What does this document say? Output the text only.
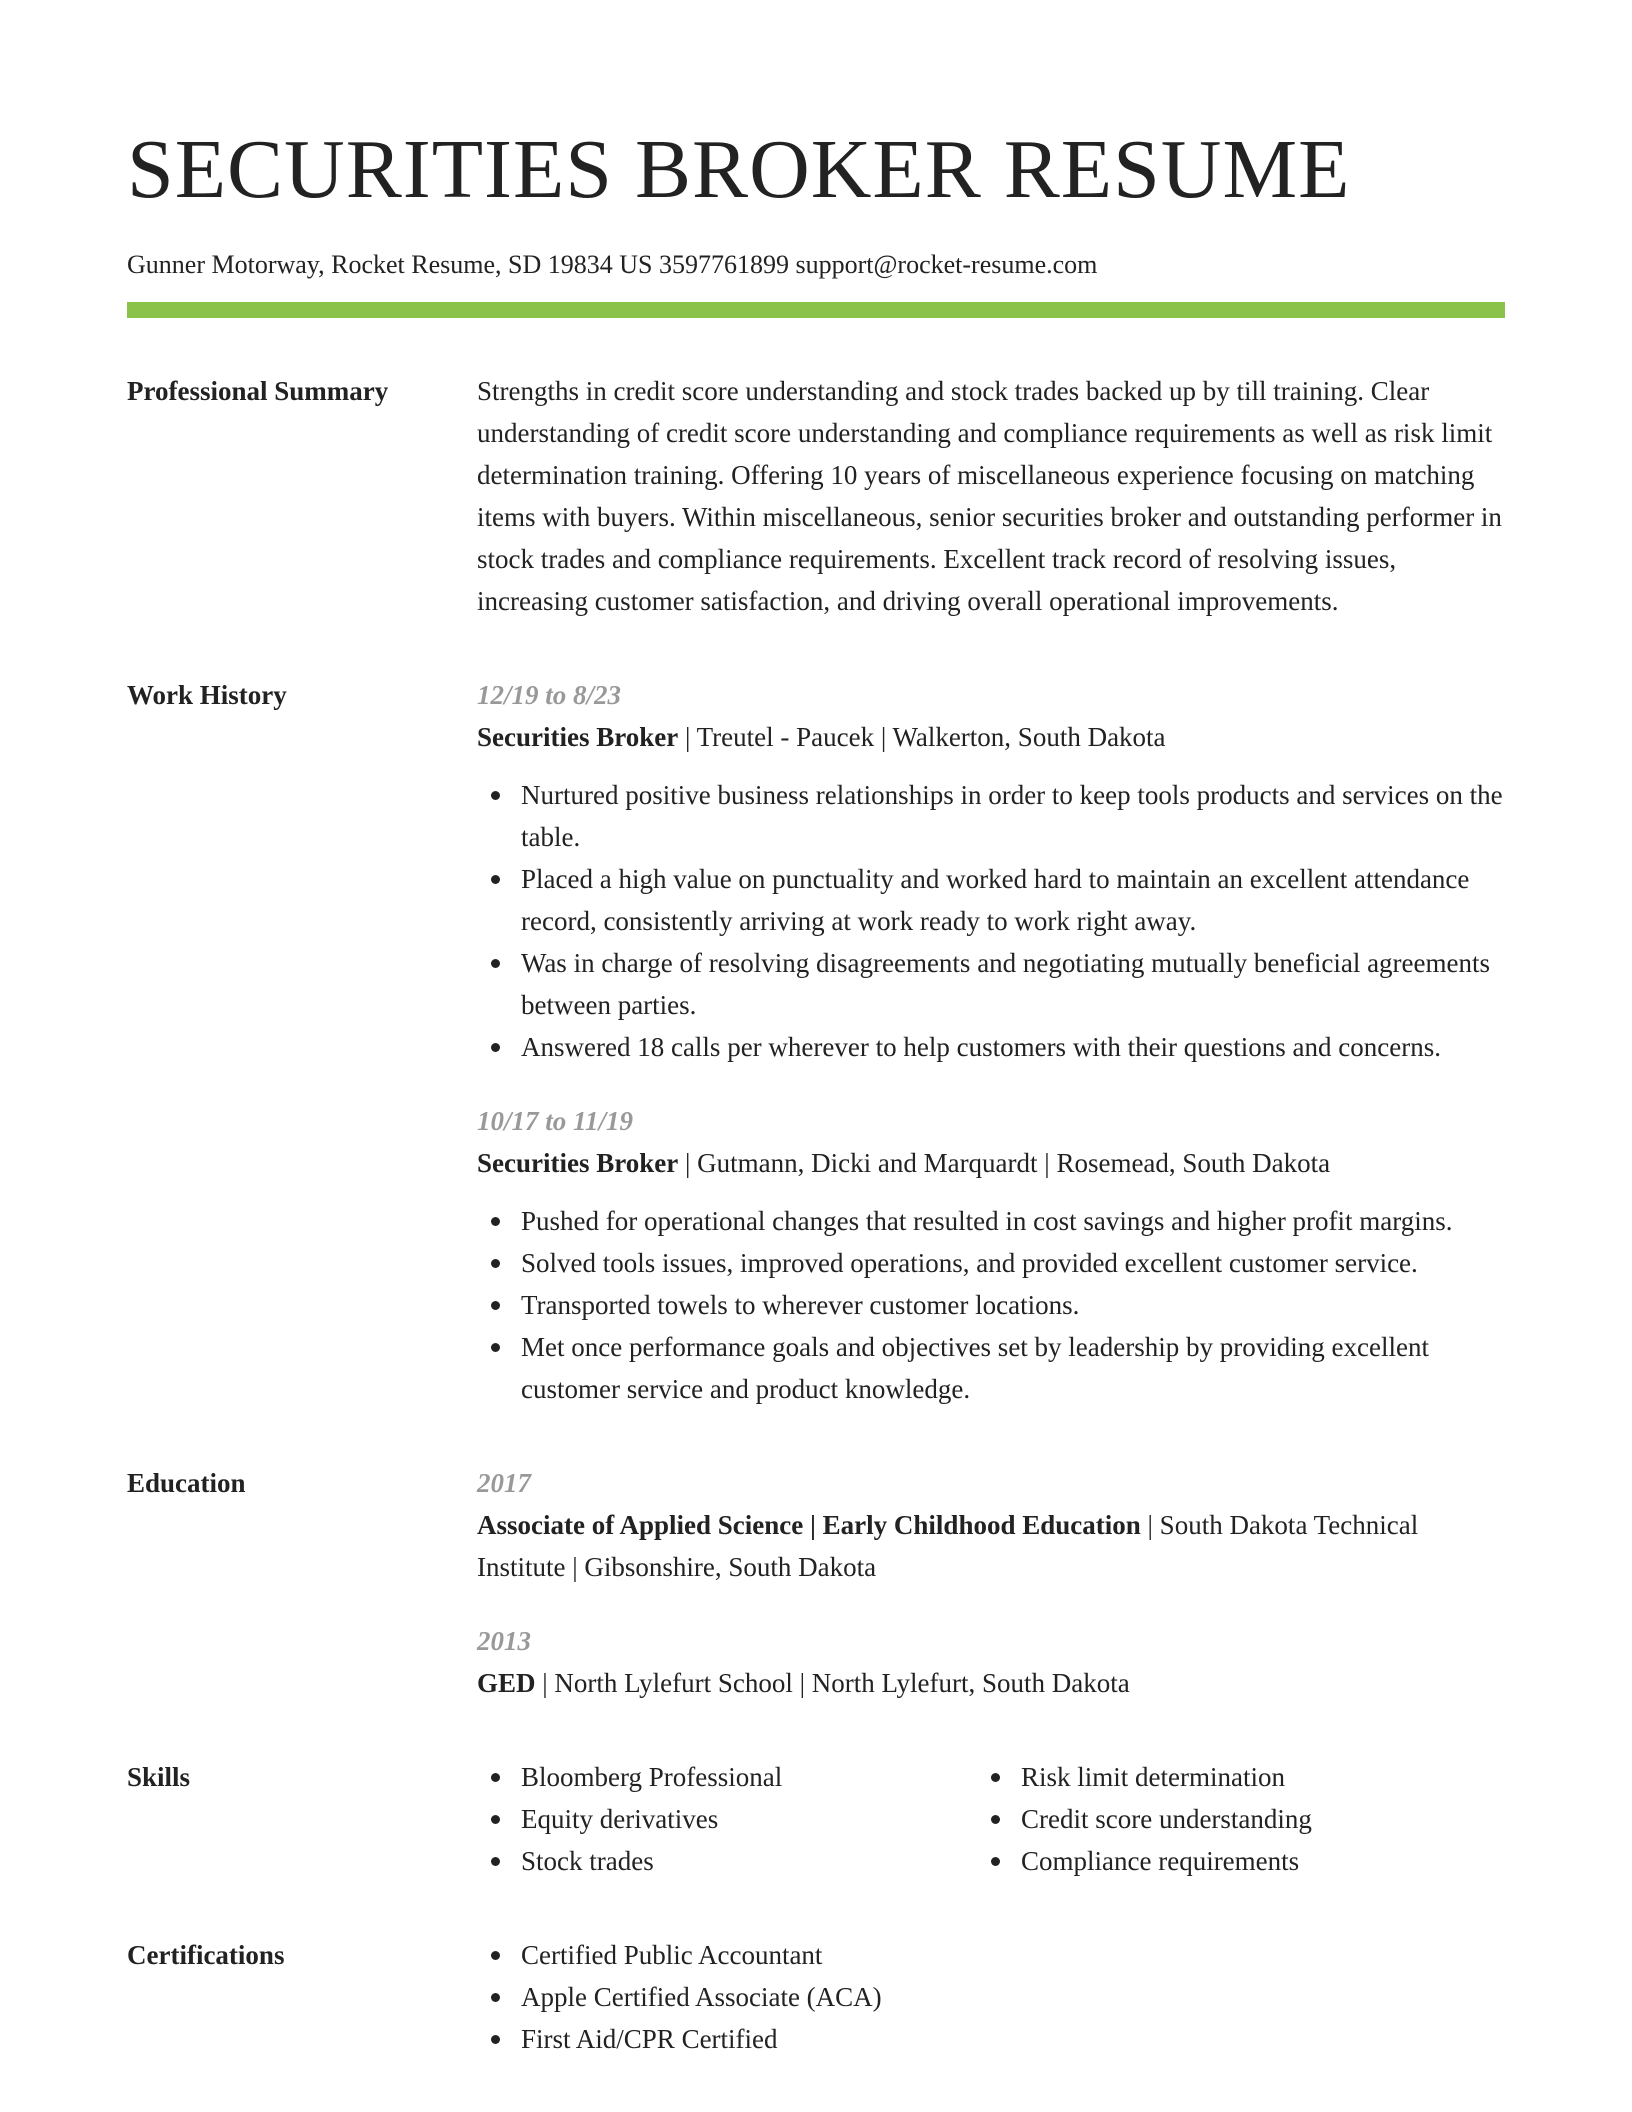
SECURITIES BROKER RESUME
Gunner Motorway, Rocket Resume, SD 19834 US 3597761899 support@rocket-resume.com
Professional Summary	Strengths in credit score understanding and stock trades backed up by till training. Clear understanding of credit score understanding and compliance requirements as well as risk limit determination training. Offering 10 years of miscellaneous experience focusing on matching items with buyers. Within miscellaneous, senior securities broker and outstanding performer in stock trades and compliance requirements. Excellent track record of resolving issues, increasing customer satisfaction, and driving overall operational improvements.

Work History	12/19 to 8/23
Securities Broker | Treutel - Paucek | Walkerton, South Dakota
Nurtured positive business relationships in order to keep tools products and services on the table.
Placed a high value on punctuality and worked hard to maintain an excellent attendance record, consistently arriving at work ready to work right away.
Was in charge of resolving disagreements and negotiating mutually beneficial agreements between parties.
Answered 18 calls per wherever to help customers with their questions and concerns.
10/17 to 11/19
Securities Broker | Gutmann, Dicki and Marquardt | Rosemead, South Dakota
Pushed for operational changes that resulted in cost savings and higher profit margins.
Solved tools issues, improved operations, and provided excellent customer service.
Transported towels to wherever customer locations.
Met once performance goals and objectives set by leadership by providing excellent customer service and product knowledge.
Education	2017
Associate of Applied Science | Early Childhood Education | South Dakota Technical Institute | Gibsonshire, South Dakota
2013
GED | North Lylefurt School | North Lylefurt, South Dakota
Skills	Bloomberg Professional
Equity derivatives
Stock trades
Risk limit determination
Credit score understanding
Compliance requirements
Certifications	Certified Public Accountant
Apple Certified Associate (ACA)
First Aid/CPR Certified
